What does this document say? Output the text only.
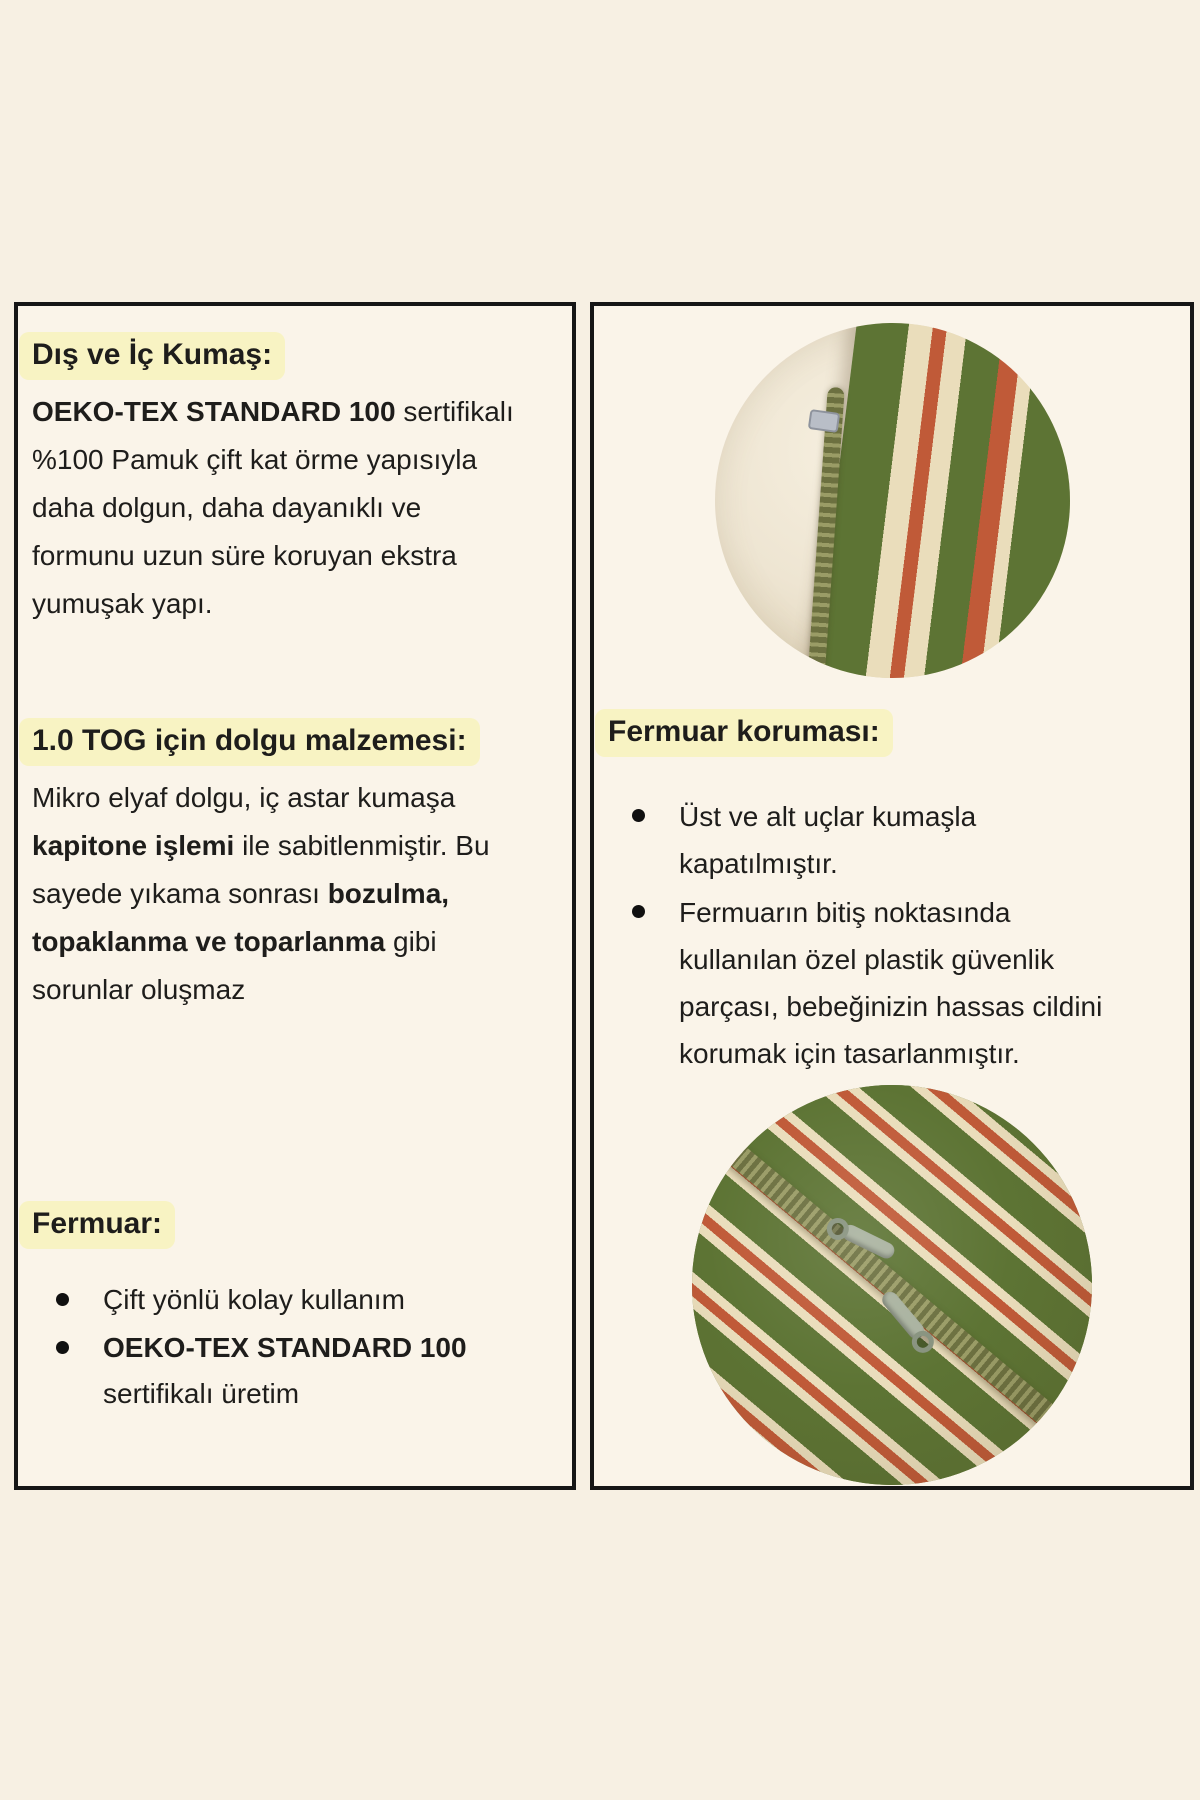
Dış ve İç Kumaş:

OEKO-TEX STANDARD 100 sertifikalı
%100 Pamuk çift kat örme yapısıyla
daha dolgun, daha dayanıklı ve
formunu uzun süre koruyan ekstra
yumuşak yapı.

1.0 TOG için dolgu malzemesi:

Mikro elyaf dolgu, iç astar kumaşa
kapitone işlemi ile sabitlenmiştir. Bu
sayede yıkama sonrası bozulma,
topaklanma ve toparlanma gibi
sorunlar oluşmaz

Fermuar:
Çift yönlü kolay kullanım
OEKO-TEX STANDARD 100
sertifikalı üretim
Fermuar koruması:
Üst ve alt uçlar kumaşla
kapatılmıştır.
Fermuarın bitiş noktasında
kullanılan özel plastik güvenlik
parçası, bebeğinizin hassas cildini
korumak için tasarlanmıştır.
